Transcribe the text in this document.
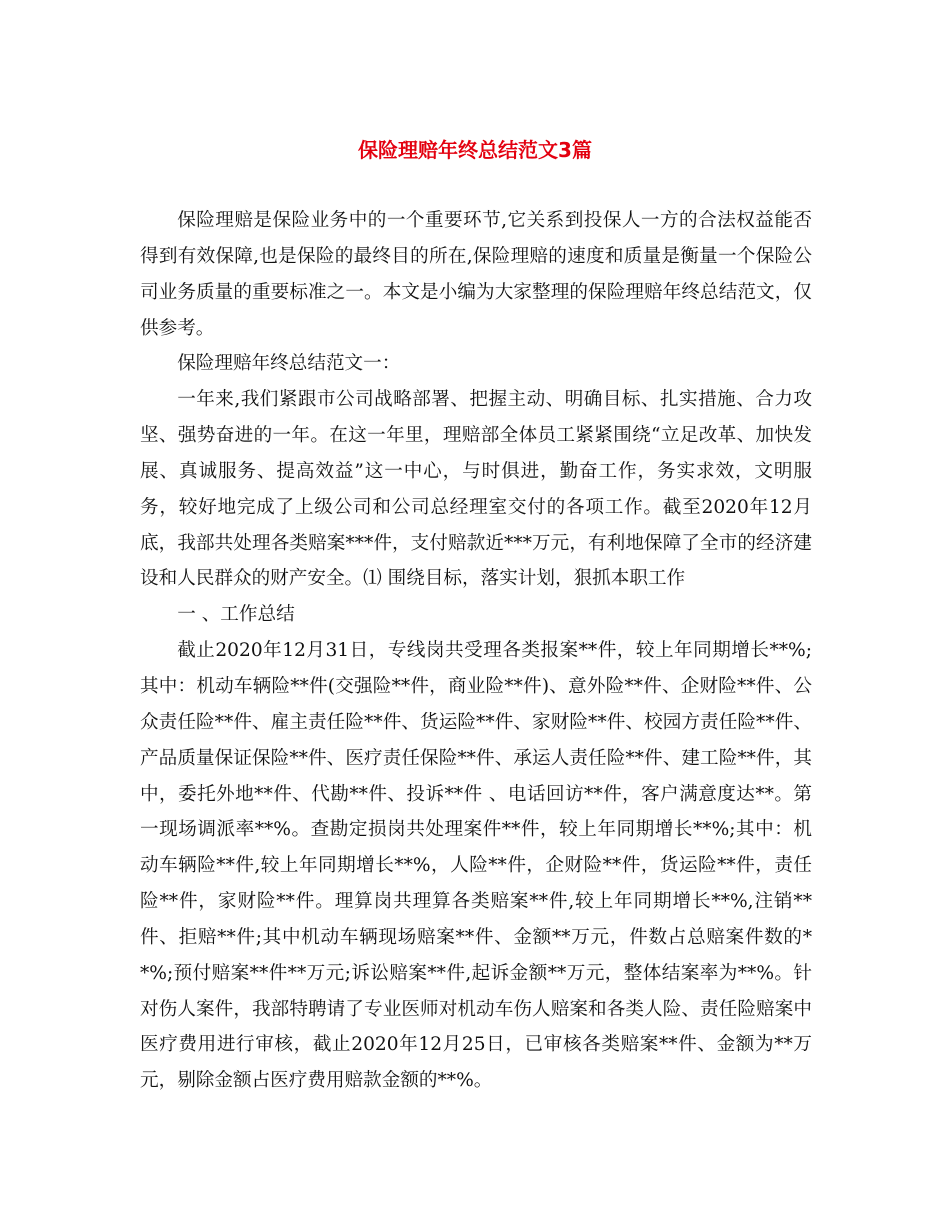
保险理赔年终总结范文3篇

保险理赔是保险业务中的一个重要环节,它关系到投保人一方的合法权益能否得到有效保障,也是保险的最终目的所在,保险理赔的速度和质量是衡量一个保险公司业务质量的重要标准之一。本文是小编为大家整理的保险理赔年终总结范文，仅供参考。

保险理赔年终总结范文一：

一年来,我们紧跟市公司战略部署、把握主动、明确目标、扎实措施、合力攻坚、强势奋进的一年。在这一年里，理赔部全体员工紧紧围绕“立足改革、加快发展、真诚服务、提高效益”这一中心，与时俱进，勤奋工作，务实求效，文明服务，较好地完成了上级公司和公司总经理室交付的各项工作。截至2020年12月底，我部共处理各类赔案***件，支付赔款近***万元，有利地保障了全市的经济建设和人民群众的财产安全。⑴ 围绕目标，落实计划，狠抓本职工作

一 、工作总结

截止2020年12月31日，专线岗共受理各类报案**件，较上年同期增长**%;其中：机动车辆险**件(交强险**件，商业险**件)、意外险**件、企财险**件、公众责任险**件、雇主责任险**件、货运险**件、家财险**件、校园方责任险**件、产品质量保证保险**件、医疗责任保险**件、承运人责任险**件、建工险**件，其中，委托外地**件、代勘**件、投诉**件 、电话回访**件，客户满意度达**。第一现场调派率**%。查勘定损岗共处理案件**件，较上年同期增长**%;其中：机动车辆险**件,较上年同期增长**%，人险**件，企财险**件，货运险**件，责任险**件，家财险**件。理算岗共理算各类赔案**件,较上年同期增长**%,注销**件、拒赔**件;其中机动车辆现场赔案**件、金额**万元，件数占总赔案件数的**%;预付赔案**件**万元;诉讼赔案**件,起诉金额**万元，整体结案率为**%。针对伤人案件，我部特聘请了专业医师对机动车伤人赔案和各类人险、责任险赔案中医疗费用进行审核，截止2020年12月25日，已审核各类赔案**件、金额为**万元，剔除金额占医疗费用赔款金额的**%。
